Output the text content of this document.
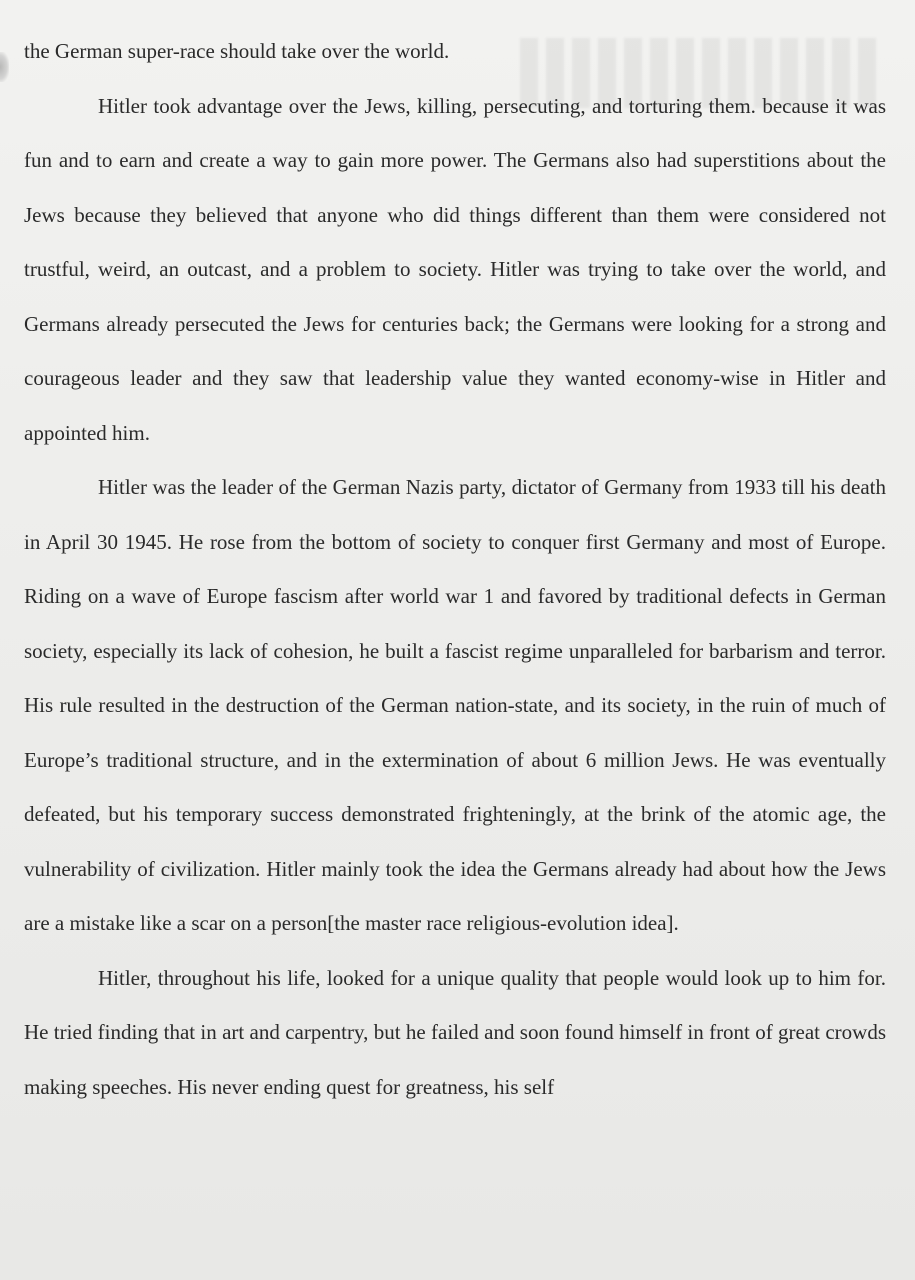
the German super-race should take over the world.

Hitler took advantage over the Jews, killing, persecuting, and torturing them. because it was fun and to earn and create a way to gain more power. The Germans also had superstitions about the Jews because they believed that anyone who did things different than them were considered not trustful, weird, an outcast, and a problem to society. Hitler was trying to take over the world, and Germans already persecuted the Jews for centuries back; the Germans were looking for a strong and courageous leader and they saw that leadership value they wanted economy-wise in Hitler and appointed him.

Hitler was the leader of the German Nazis party, dictator of Germany from 1933 till his death in April 30 1945. He rose from the bottom of society to conquer first Germany and most of Europe. Riding on a wave of Europe fascism after world war 1 and favored by traditional defects in German society, especially its lack of cohesion, he built a fascist regime unparalleled for barbarism and terror. His rule resulted in the destruction of the German nation-state, and its society, in the ruin of much of Europe’s traditional structure, and in the extermination of about 6 million Jews. He was eventually defeated, but his temporary success demonstrated frighteningly, at the brink of the atomic age, the vulnerability of civilization. Hitler mainly took the idea the Germans already had about how the Jews are a mistake like a scar on a person[the master race religious-evolution idea].

Hitler, throughout his life, looked for a unique quality that people would look up to him for. He tried finding that in art and carpentry, but he failed and soon found himself in front of great crowds making speeches. His never ending quest for greatness, his self
